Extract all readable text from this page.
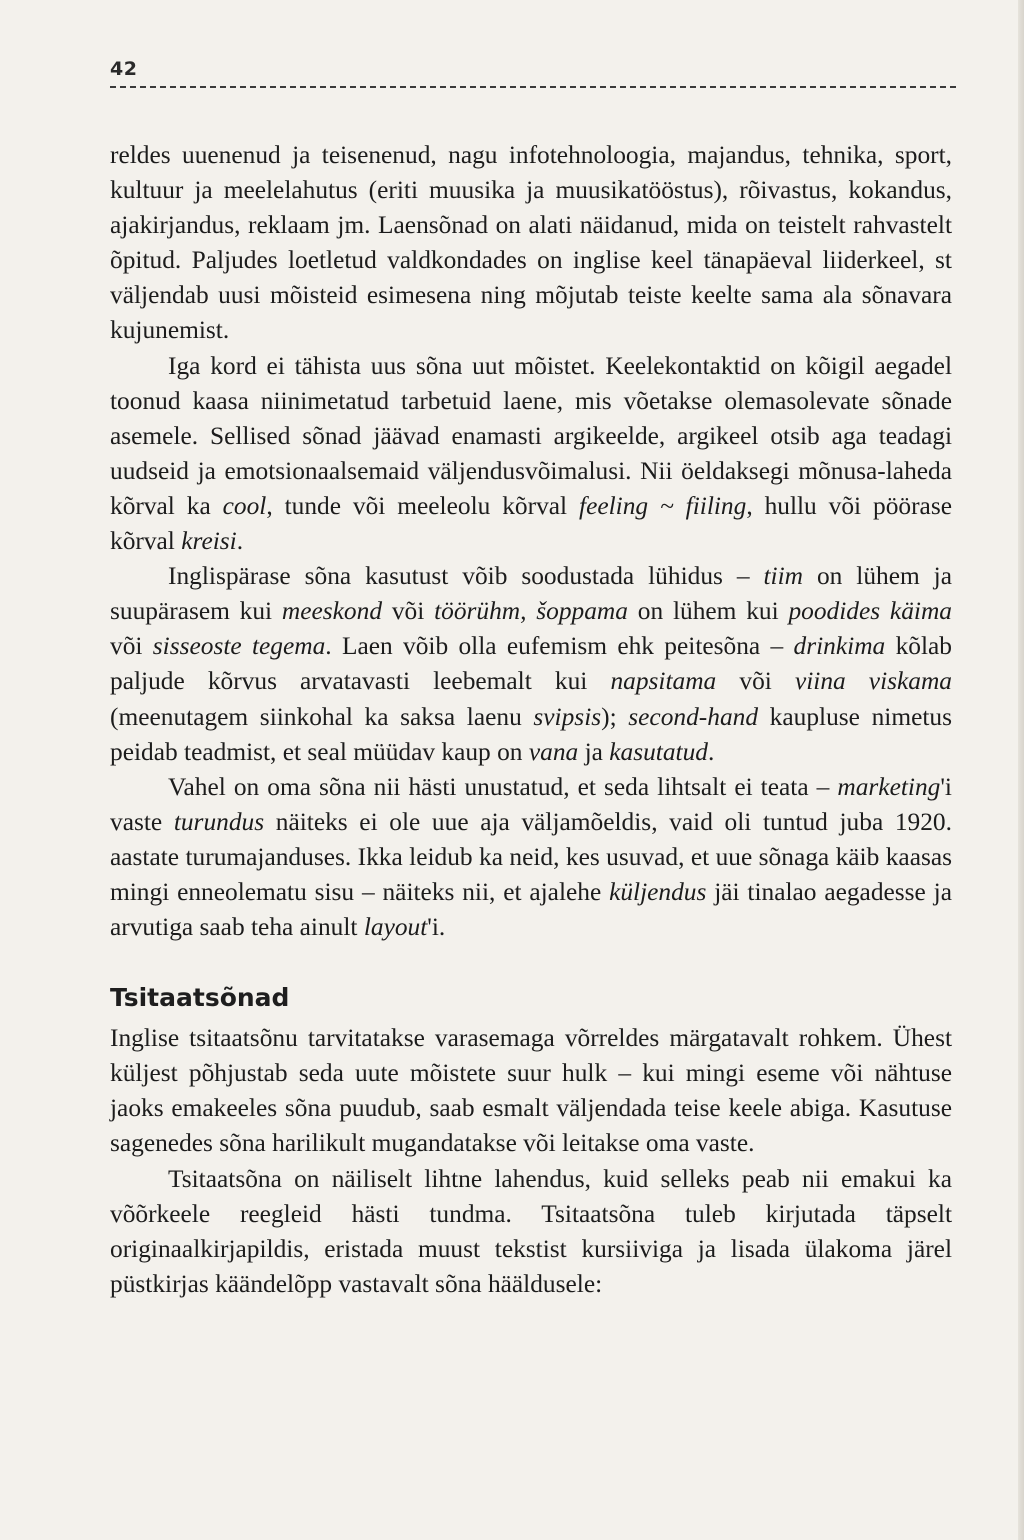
42

reldes uuenenud ja teisenenud, nagu infotehnoloogia, majandus, tehnika, sport, kultuur ja meelelahutus (eriti muusika ja muusikatööstus), rõivastus, kokandus, ajakirjandus, reklaam jm. Laensõnad on alati näidanud, mida on teistelt rahvastelt õpitud. Paljudes loetletud valdkondades on inglise keel tänapäeval liiderkeel, st väljendab uusi mõisteid esimesena ning mõjutab teiste keelte sama ala sõnavara kujunemist.

Iga kord ei tähista uus sõna uut mõistet. Keelekontaktid on kõigil aegadel toonud kaasa niinimetatud tarbetuid laene, mis võetakse olemasolevate sõnade asemele. Sellised sõnad jäävad enamasti argikeelde, argikeel otsib aga teadagi uudseid ja emotsionaalsemaid väljendusvõimalusi. Nii öeldaksegi mõnusa-laheda kõrval ka cool, tunde või meeleolu kõrval feeling ~ fiiling, hullu või pöörase kõrval kreisi.

Inglispärase sõna kasutust võib soodustada lühidus – tiim on lühem ja suupärasem kui meeskond või töörühm, šoppama on lühem kui poodides käima või sisseoste tegema. Laen võib olla eufemism ehk peitesõna – drinkima kõlab paljude kõrvus arvatavasti leebemalt kui napsitama või viina viskama (meenutagem siinkohal ka saksa laenu svipsis); second-hand kaupluse nimetus peidab teadmist, et seal müüdav kaup on vana ja kasutatud.

Vahel on oma sõna nii hästi unustatud, et seda lihtsalt ei teata – marketing'i vaste turundus näiteks ei ole uue aja väljamõeldis, vaid oli tuntud juba 1920. aastate turumajanduses. Ikka leidub ka neid, kes usuvad, et uue sõnaga käib kaasas mingi enneolematu sisu – näiteks nii, et ajalehe küljendus jäi tinalao aegadesse ja arvutiga saab teha ainult layout'i.

Tsitaatsõnad

Inglise tsitaatsõnu tarvitatakse varasemaga võrreldes märgatavalt rohkem. Ühest küljest põhjustab seda uute mõistete suur hulk – kui mingi eseme või nähtuse jaoks emakeeles sõna puudub, saab esmalt väljendada teise keele abiga. Kasutuse sagenedes sõna harilikult mugandatakse või leitakse oma vaste.

Tsitaatsõna on näiliselt lihtne lahendus, kuid selleks peab nii emakui ka võõrkeele reegleid hästi tundma. Tsitaatsõna tuleb kirjutada täpselt originaalkirjapildis, eristada muust tekstist kursiiviga ja lisada ülakoma järel püstkirjas käändelõpp vastavalt sõna hääldusele:
